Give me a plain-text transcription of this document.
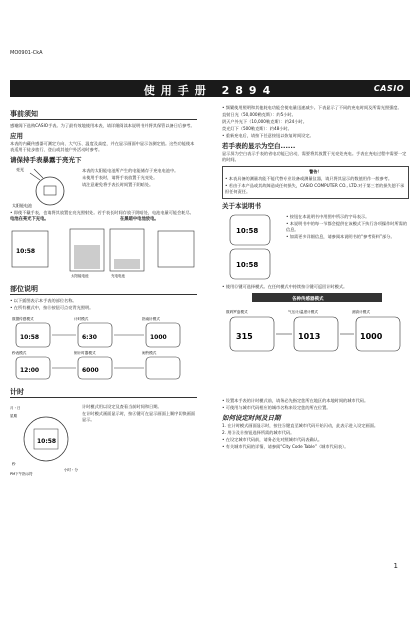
MO0901-CkA
使用手册 2894	CASIO
事前须知

感谢阁下选购CASIO手表。为了最有效地使用本表，请详细阅读本说明书并将其保管以备日后参考。

应用

本表的内藏传感器可测定方向、大气压、温度及高度，并在显示画面中显示各测定值。这些功能使本表适用于徒步旅行、登山或其他户外活动时参考。

请保持手表暴露于亮光下
亮光
太阳能电池

本表的太阳能电池所产生的电能储存于充电电池中。

未使用手表时，请将手表放置于光亮处。

请注意避免将手表长时间置于阴暗处。

• 即使不戴手表，也请将其放置在亮光照射处。若手表长时间存放于阴暗处，电池电量可能会耗尽。

电池在亮光下充电。	在黑暗中电池放电。
10:58
太阳能电池	充电电池
部位说明

• 以下插图表示本手表的部位名称。

• 在所有模式中，按Ⓑ按钮可点亮背光照明。

数据传感模式	计时模式	指南针模式
秒表模式	倒计时器模式	闹铃模式
10:58	6:30	1000
12:00	6000
计时
10:58
月・日
星期
小时・分
秒
PM下午指示符

计时模式用以设定及查看当前时间和日期。

在计时模式画面显示时，按Ⓐ键可在显示画面上顺序切换画面显示。

• 频繁使用照明和其他耗电功能会使电量迅速减少。下表显示了不同的充电时间及所需光照强度。

直射日光（50,000勒克斯）：约5小时。

阴天户外光下（10,000勒克斯）：约24小时。

荧光灯下（500勒克斯）：约48小时。

• 重新充电后，请按下任意按钮以恢复时间设定。

若手表的显示为空白......

显示屏为空白表示手表的省电功能已启动，需要将其放置于光亮处充电。手表在充电过程中需要一定的时间。

警告！

• 本表具备的测量功能不能代替专业设备或测量仪器，请只将其显示的数值用作一般参考。

• 若由于本产品或其故障造成任何损失，CASIO COMPUTER CO., LTD.对于第三者的损失恕不承担任何责任。

关于本说明书
10:58
10:58

• 按钮在本说明书中用图中所示的字母表示。

• 本说明书中的每一节都会提供在该模式下执行各项操作时所需的信息。

• 如需更多详细信息，请参阅本说明书的“参考资料”部分。

• 使用Ⓓ键可选择模式。在任何模式中持续按Ⓓ键可返回计时模式。

各种传感器模式
数码罗盘模式	气压计/温度计模式	测高计模式
315	1013	1000

• 设置本手表的计时模式前，请务必先指定您所在地区的本地时间的城市代码。

• 可使用与城市代码相应的城市名称来设定您的所在位置。

如何设定时间及日期

1. 在计时模式画面显示时，按住Ⓐ键直至城市代码开始闪动，此表示进入设定画面。

2. 用Ⓓ及Ⓑ按钮选择所需的城市代码。

• 在设定城市代码前，请务必先对照城市代码表确认。

• 有关城市代码的详情，请参阅“City Code Table”（城市代码表）。

1
